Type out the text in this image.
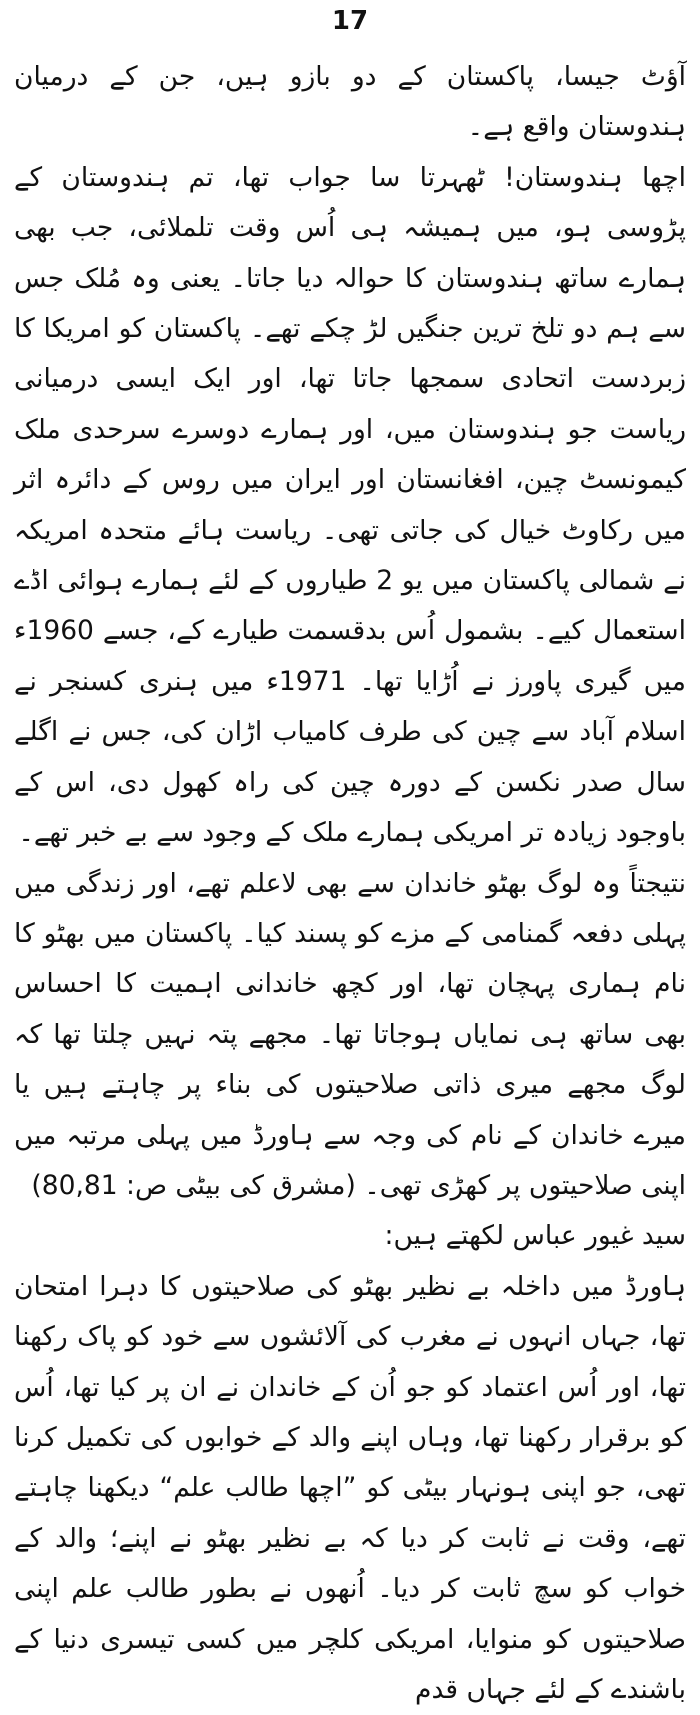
17

آؤٹ جیسا، پاکستان کے دو بازو ہیں، جن کے درمیان ہندوستان واقع ہے۔

اچھا ہندوستان! ٹھہرتا سا جواب تھا، تم ہندوستان کے پڑوسی ہو، میں ہمیشہ ہی اُس وقت تلملائی، جب بھی ہمارے ساتھ ہندوستان کا حوالہ دیا جاتا۔ یعنی وہ مُلک جس سے ہم دو تلخ ترین جنگیں لڑ چکے تھے۔ پاکستان کو امریکا کا زبردست اتحادی سمجھا جاتا تھا، اور ایک ایسی درمیانی ریاست جو ہندوستان میں، اور ہمارے دوسرے سرحدی ملک کیمونسٹ چین، افغانستان اور ایران میں روس کے دائرہ اثر میں رکاوٹ خیال کی جاتی تھی۔ ریاست ہائے متحدہ امریکہ نے شمالی پاکستان میں یو 2 طیاروں کے لئے ہمارے ہوائی اڈے استعمال کیے۔ بشمول اُس بدقسمت طیارے کے، جسے 1960ء میں گیری پاورز نے اُڑایا تھا۔ 1971ء میں ہنری کسنجر نے اسلام آباد سے چین کی طرف کامیاب اڑان کی، جس نے اگلے سال صدر نکسن کے دورہ چین کی راہ کھول دی، اس کے باوجود زیادہ تر امریکی ہمارے ملک کے وجود سے بے خبر تھے۔

نتیجتاً وہ لوگ بھٹو خاندان سے بھی لاعلم تھے، اور زندگی میں پہلی دفعہ گمنامی کے مزے کو پسند کیا۔ پاکستان میں بھٹو کا نام ہماری پہچان تھا، اور کچھ خاندانی اہمیت کا احساس بھی ساتھ ہی نمایاں ہوجاتا تھا۔ مجھے پتہ نہیں چلتا تھا کہ لوگ مجھے میری ذاتی صلاحیتوں کی بناء پر چاہتے ہیں یا میرے خاندان کے نام کی وجہ سے ہاورڈ میں پہلی مرتبہ میں اپنی صلاحیتوں پر کھڑی تھی۔ (مشرق کی بیٹی ص: 80,81)

سید غیور عباس لکھتے ہیں:

ہاورڈ میں داخلہ بے نظیر بھٹو کی صلاحیتوں کا دہرا امتحان تھا، جہاں انہوں نے مغرب کی آلائشوں سے خود کو پاک رکھنا تھا، اور اُس اعتماد کو جو اُن کے خاندان نے ان پر کیا تھا، اُس کو برقرار رکھنا تھا، وہاں اپنے والد کے خوابوں کی تکمیل کرنا تھی، جو اپنی ہونہار بیٹی کو ”اچھا طالب علم“ دیکھنا چاہتے تھے، وقت نے ثابت کر دیا کہ بے نظیر بھٹو نے اپنے؛ والد کے خواب کو سچ ثابت کر دیا۔ اُنھوں نے بطور طالب علم اپنی صلاحیتوں کو منوایا، امریکی کلچر میں کسی تیسری دنیا کے باشندے کے لئے جہاں قدم
